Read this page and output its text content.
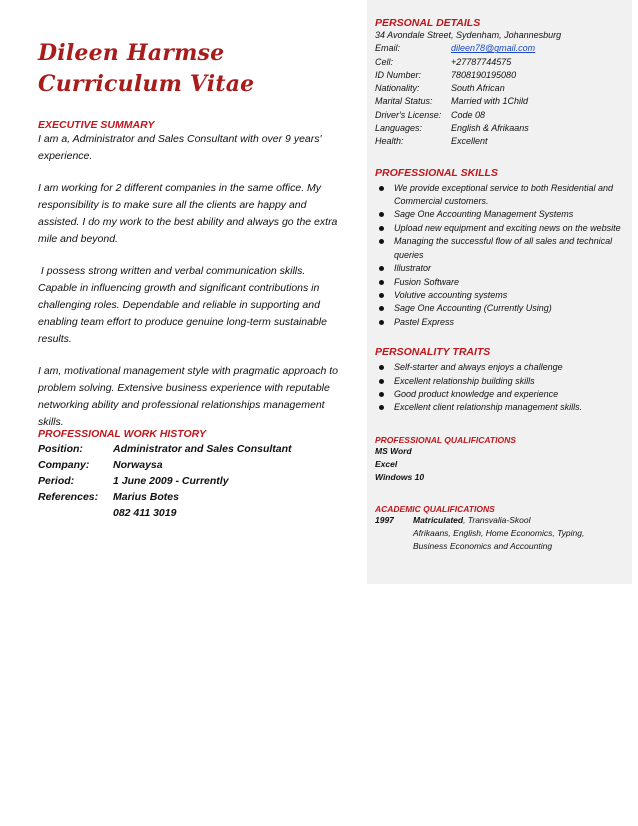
Dileen Harmse
Curriculum Vitae
EXECUTIVE SUMMARY

I am a, Administrator and Sales Consultant with over 9 years' experience.

I am working for 2 different companies in the same office. My responsibility is to make sure all the clients are happy and assisted. I do my work to the best ability and always go the extra mile and beyond.

I possess strong written and verbal communication skills. Capable in influencing growth and significant contributions in challenging roles. Dependable and reliable in supporting and enabling team effort to produce genuine long-term sustainable results.

I am, motivational management style with pragmatic approach to problem solving. Extensive business experience with reputable networking ability and professional relationships management skills.

PROFESSIONAL WORK HISTORY
Position:	Administrator and Sales Consultant
Company:	Norwaysa
Period:	1 June 2009 - Currently
References:	Marius Botes
082 411 3019
PERSONAL DETAILS
34 Avondale Street, Sydenham, Johannesburg
Email:	dileen78@gmail.com
Cell:	+27787744575
ID Number:	7808190195080
Nationality:	South African
Marital Status:	Married with 1Child
Driver's License:	Code 08
Languages:	English & Afrikaans
Health:	Excellent
PROFESSIONAL SKILLS
We provide exceptional service to both Residential and Commercial customers.
Sage One Accounting Management Systems
Upload new equipment and exciting news on the website
Managing the successful flow of all sales and technical queries
Illustrator
Fusion Software
Volutive accounting systems
Sage One Accounting (Currently Using)
Pastel Express
PERSONALITY TRAITS
Self-starter and always enjoys a challenge
Excellent relationship building skills
Good product knowledge and experience
Excellent client relationship management skills.
PROFESSIONAL QUALIFICATIONS
MS Word
Excel
Windows 10
ACADEMIC QUALIFICATIONS
1997	Matriculated, Transvalia-Skool
Afrikaans, English, Home Economics, Typing, Business Economics and Accounting
